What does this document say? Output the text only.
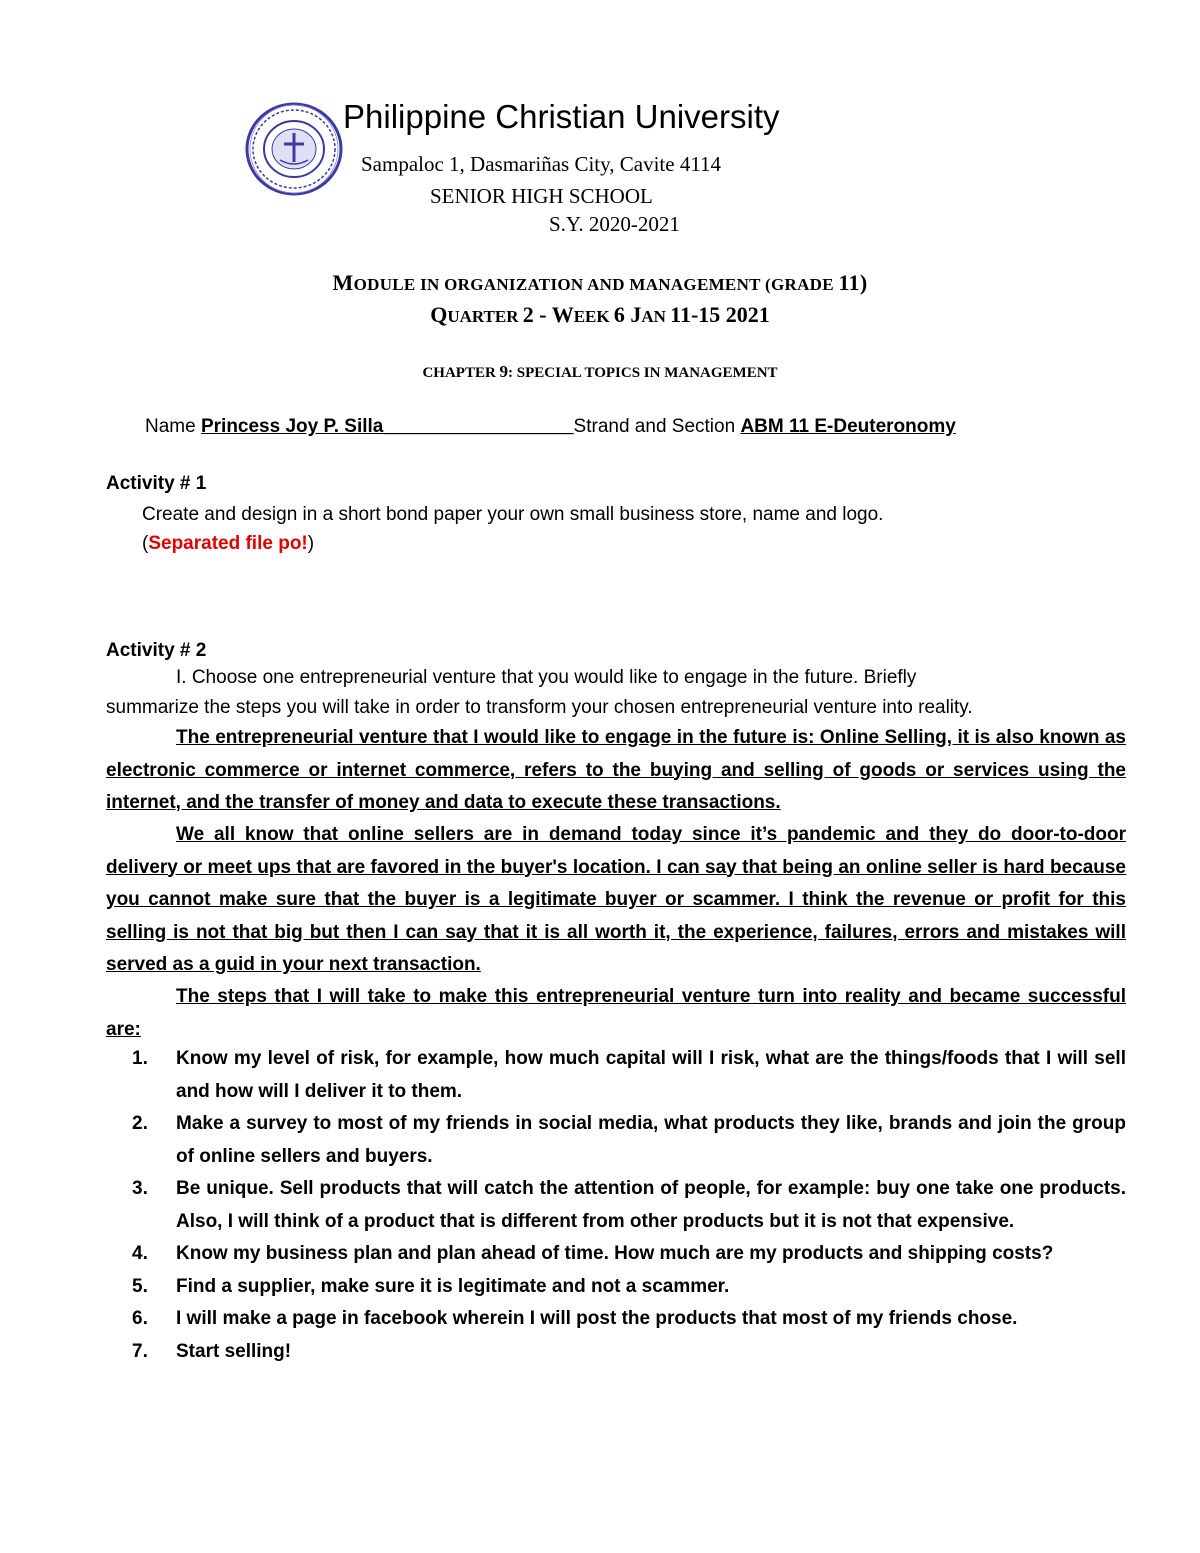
Philippine Christian University
Sampaloc 1, Dasmariñas City, Cavite 4114
SENIOR HIGH SCHOOL
S.Y. 2020-2021
MODULE IN ORGANIZATION AND MANAGEMENT (GRADE 11)
QUARTER 2 - WEEK 6 JAN 11-15 2021
CHAPTER 9: SPECIAL TOPICS IN MANAGEMENT
Name Princess Joy P. Silla__________________Strand and Section ABM 11 E-Deuteronomy
Activity # 1
Create and design in a short bond paper your own small business store, name and logo.
(Separated file po!)
Activity # 2
I. Choose one entrepreneurial venture that you would like to engage in the future. Briefly
summarize the steps you will take in order to transform your chosen entrepreneurial venture into reality.
The entrepreneurial venture that I would like to engage in the future is: Online Selling, it is also known as electronic commerce or internet commerce, refers to the buying and selling of goods or services using the internet, and the transfer of money and data to execute these transactions.
We all know that online sellers are in demand today since it’s pandemic and they do door-to-door delivery or meet ups that are favored in the buyer's location. I can say that being an online seller is hard because you cannot make sure that the buyer is a legitimate buyer or scammer. I think the revenue or profit for this selling is not that big but then I can say that it is all worth it, the experience, failures, errors and mistakes will served as a guid in your next transaction.
The steps that I will take to make this entrepreneurial venture turn into reality and became successful are:
1. Know my level of risk, for example, how much capital will I risk, what are the things/foods that I will sell and how will I deliver it to them.
2. Make a survey to most of my friends in social media, what products they like, brands and join the group of online sellers and buyers.
3. Be unique. Sell products that will catch the attention of people, for example: buy one take one products. Also, I will think of a product that is different from other products but it is not that expensive.
4. Know my business plan and plan ahead of time. How much are my products and shipping costs?
5. Find a supplier, make sure it is legitimate and not a scammer.
6. I will make a page in facebook wherein I will post the products that most of my friends chose.
7. Start selling!
